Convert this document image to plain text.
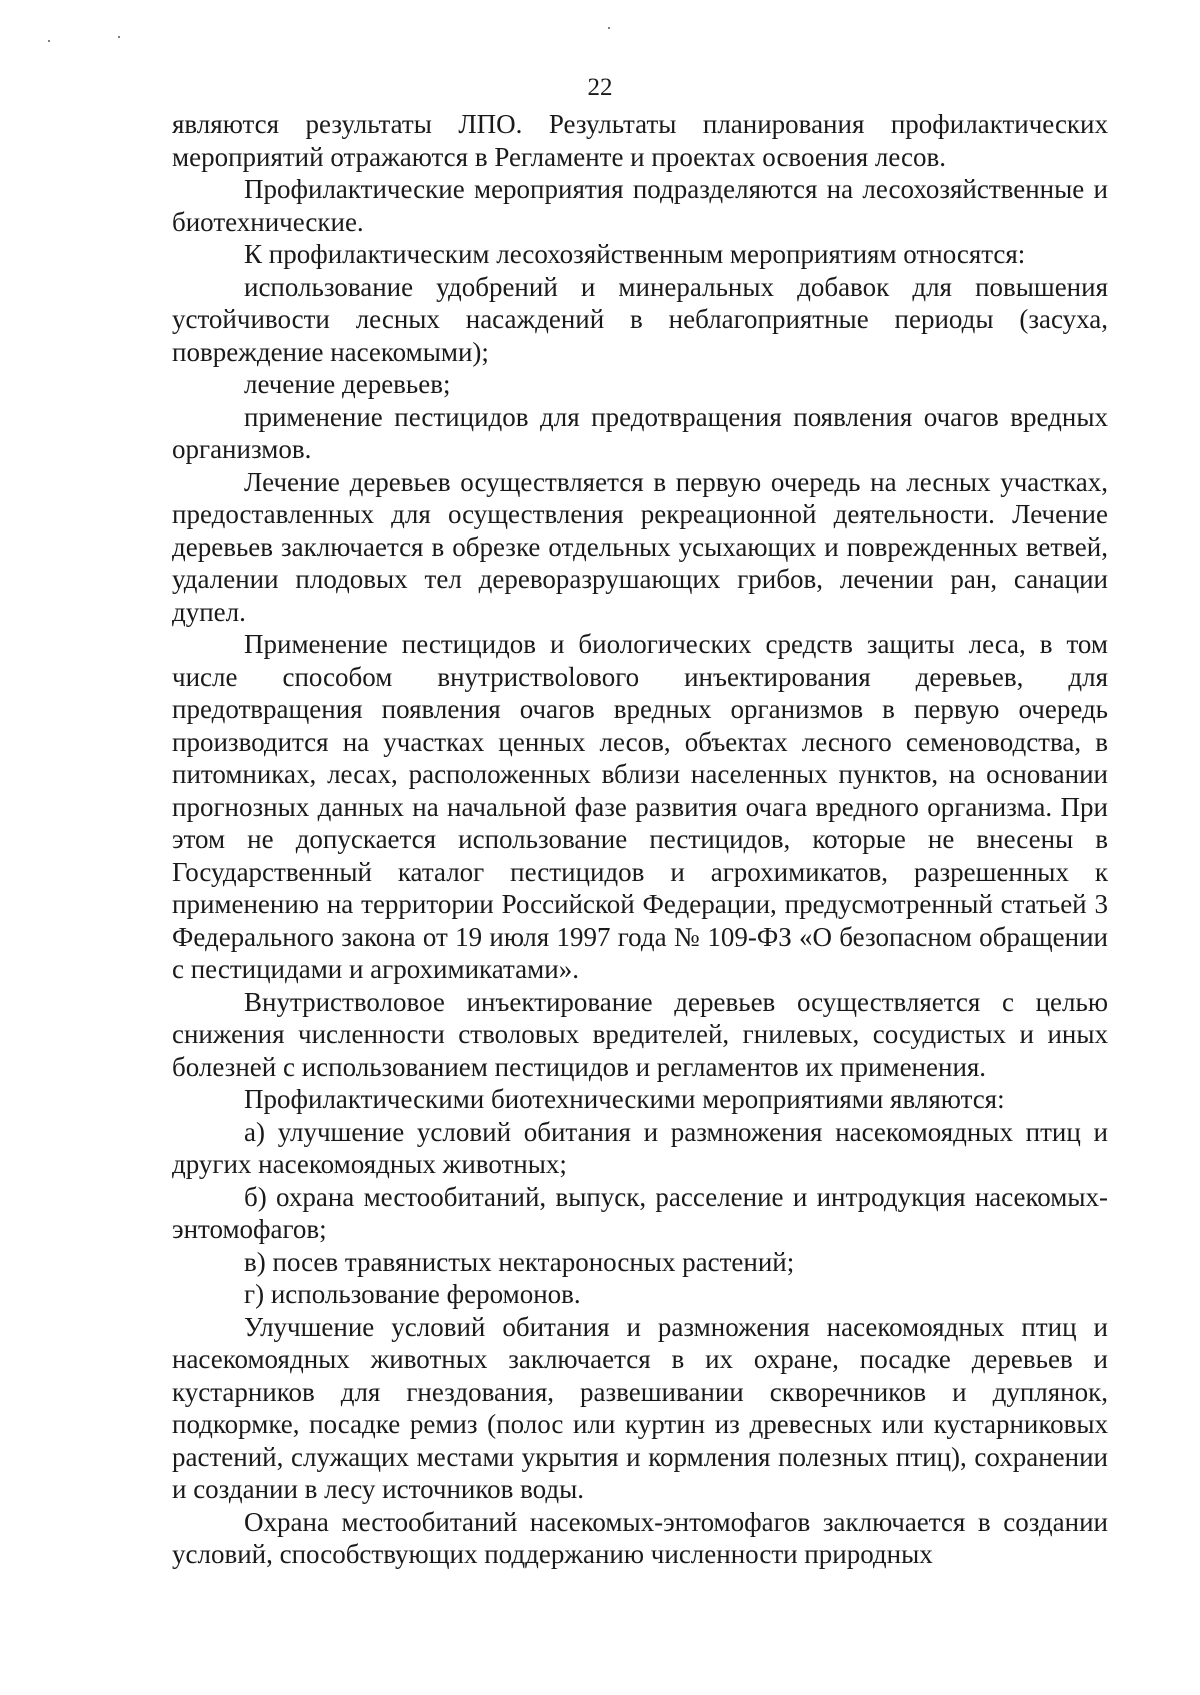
22

являются результаты ЛПО. Результаты планирования профилактических мероприятий отражаются в Регламенте и проектах освоения лесов.

Профилактические мероприятия подразделяются на лесохозяйственные и биотехнические.

К профилактическим лесохозяйственным мероприятиям относятся:

использование удобрений и минеральных добавок для повышения устойчивости лесных насаждений в неблагоприятные периоды (засуха, повреждение насекомыми);

лечение деревьев;

применение пестицидов для предотвращения появления очагов вредных организмов.

Лечение деревьев осуществляется в первую очередь на лесных участках, предоставленных для осуществления рекреационной деятельности. Лечение деревьев заключается в обрезке отдельных усыхающих и поврежденных ветвей, удалении плодовых тел дереворазрушающих грибов, лечении ран, санации дупел.

Применение пестицидов и биологических средств защиты леса, в том числе способом внутриствolового инъектирования деревьев, для предотвращения появления очагов вредных организмов в первую очередь производится на участках ценных лесов, объектах лесного семеноводства, в питомниках, лесах, расположенных вблизи населенных пунктов, на основании прогнозных данных на начальной фазе развития очага вредного организма. При этом не допускается использование пестицидов, которые не внесены в Государственный каталог пестицидов и агрохимикатов, разрешенных к применению на территории Российской Федерации, предусмотренный статьей 3 Федерального закона от 19 июля 1997 года № 109-ФЗ «О безопасном обращении с пестицидами и агрохимикатами».

Внутристволовое инъектирование деревьев осуществляется с целью снижения численности стволовых вредителей, гнилевых, сосудистых и иных болезней с использованием пестицидов и регламентов их применения.

Профилактическими биотехническими мероприятиями являются:

а) улучшение условий обитания и размножения насекомоядных птиц и других насекомоядных животных;

б) охрана местообитаний, выпуск, расселение и интродукция насекомых-энтомофагов;

в) посев травянистых нектароносных растений;

г) использование феромонов.

Улучшение условий обитания и размножения насекомоядных птиц и насекомоядных животных заключается в их охране, посадке деревьев и кустарников для гнездования, развешивании скворечников и дуплянок, подкормке, посадке ремиз (полос или куртин из древесных или кустарниковых растений, служащих местами укрытия и кормления полезных птиц), сохранении и создании в лесу источников воды.

Охрана местообитаний насекомых-энтомофагов заключается в создании условий, способствующих поддержанию численности природных
